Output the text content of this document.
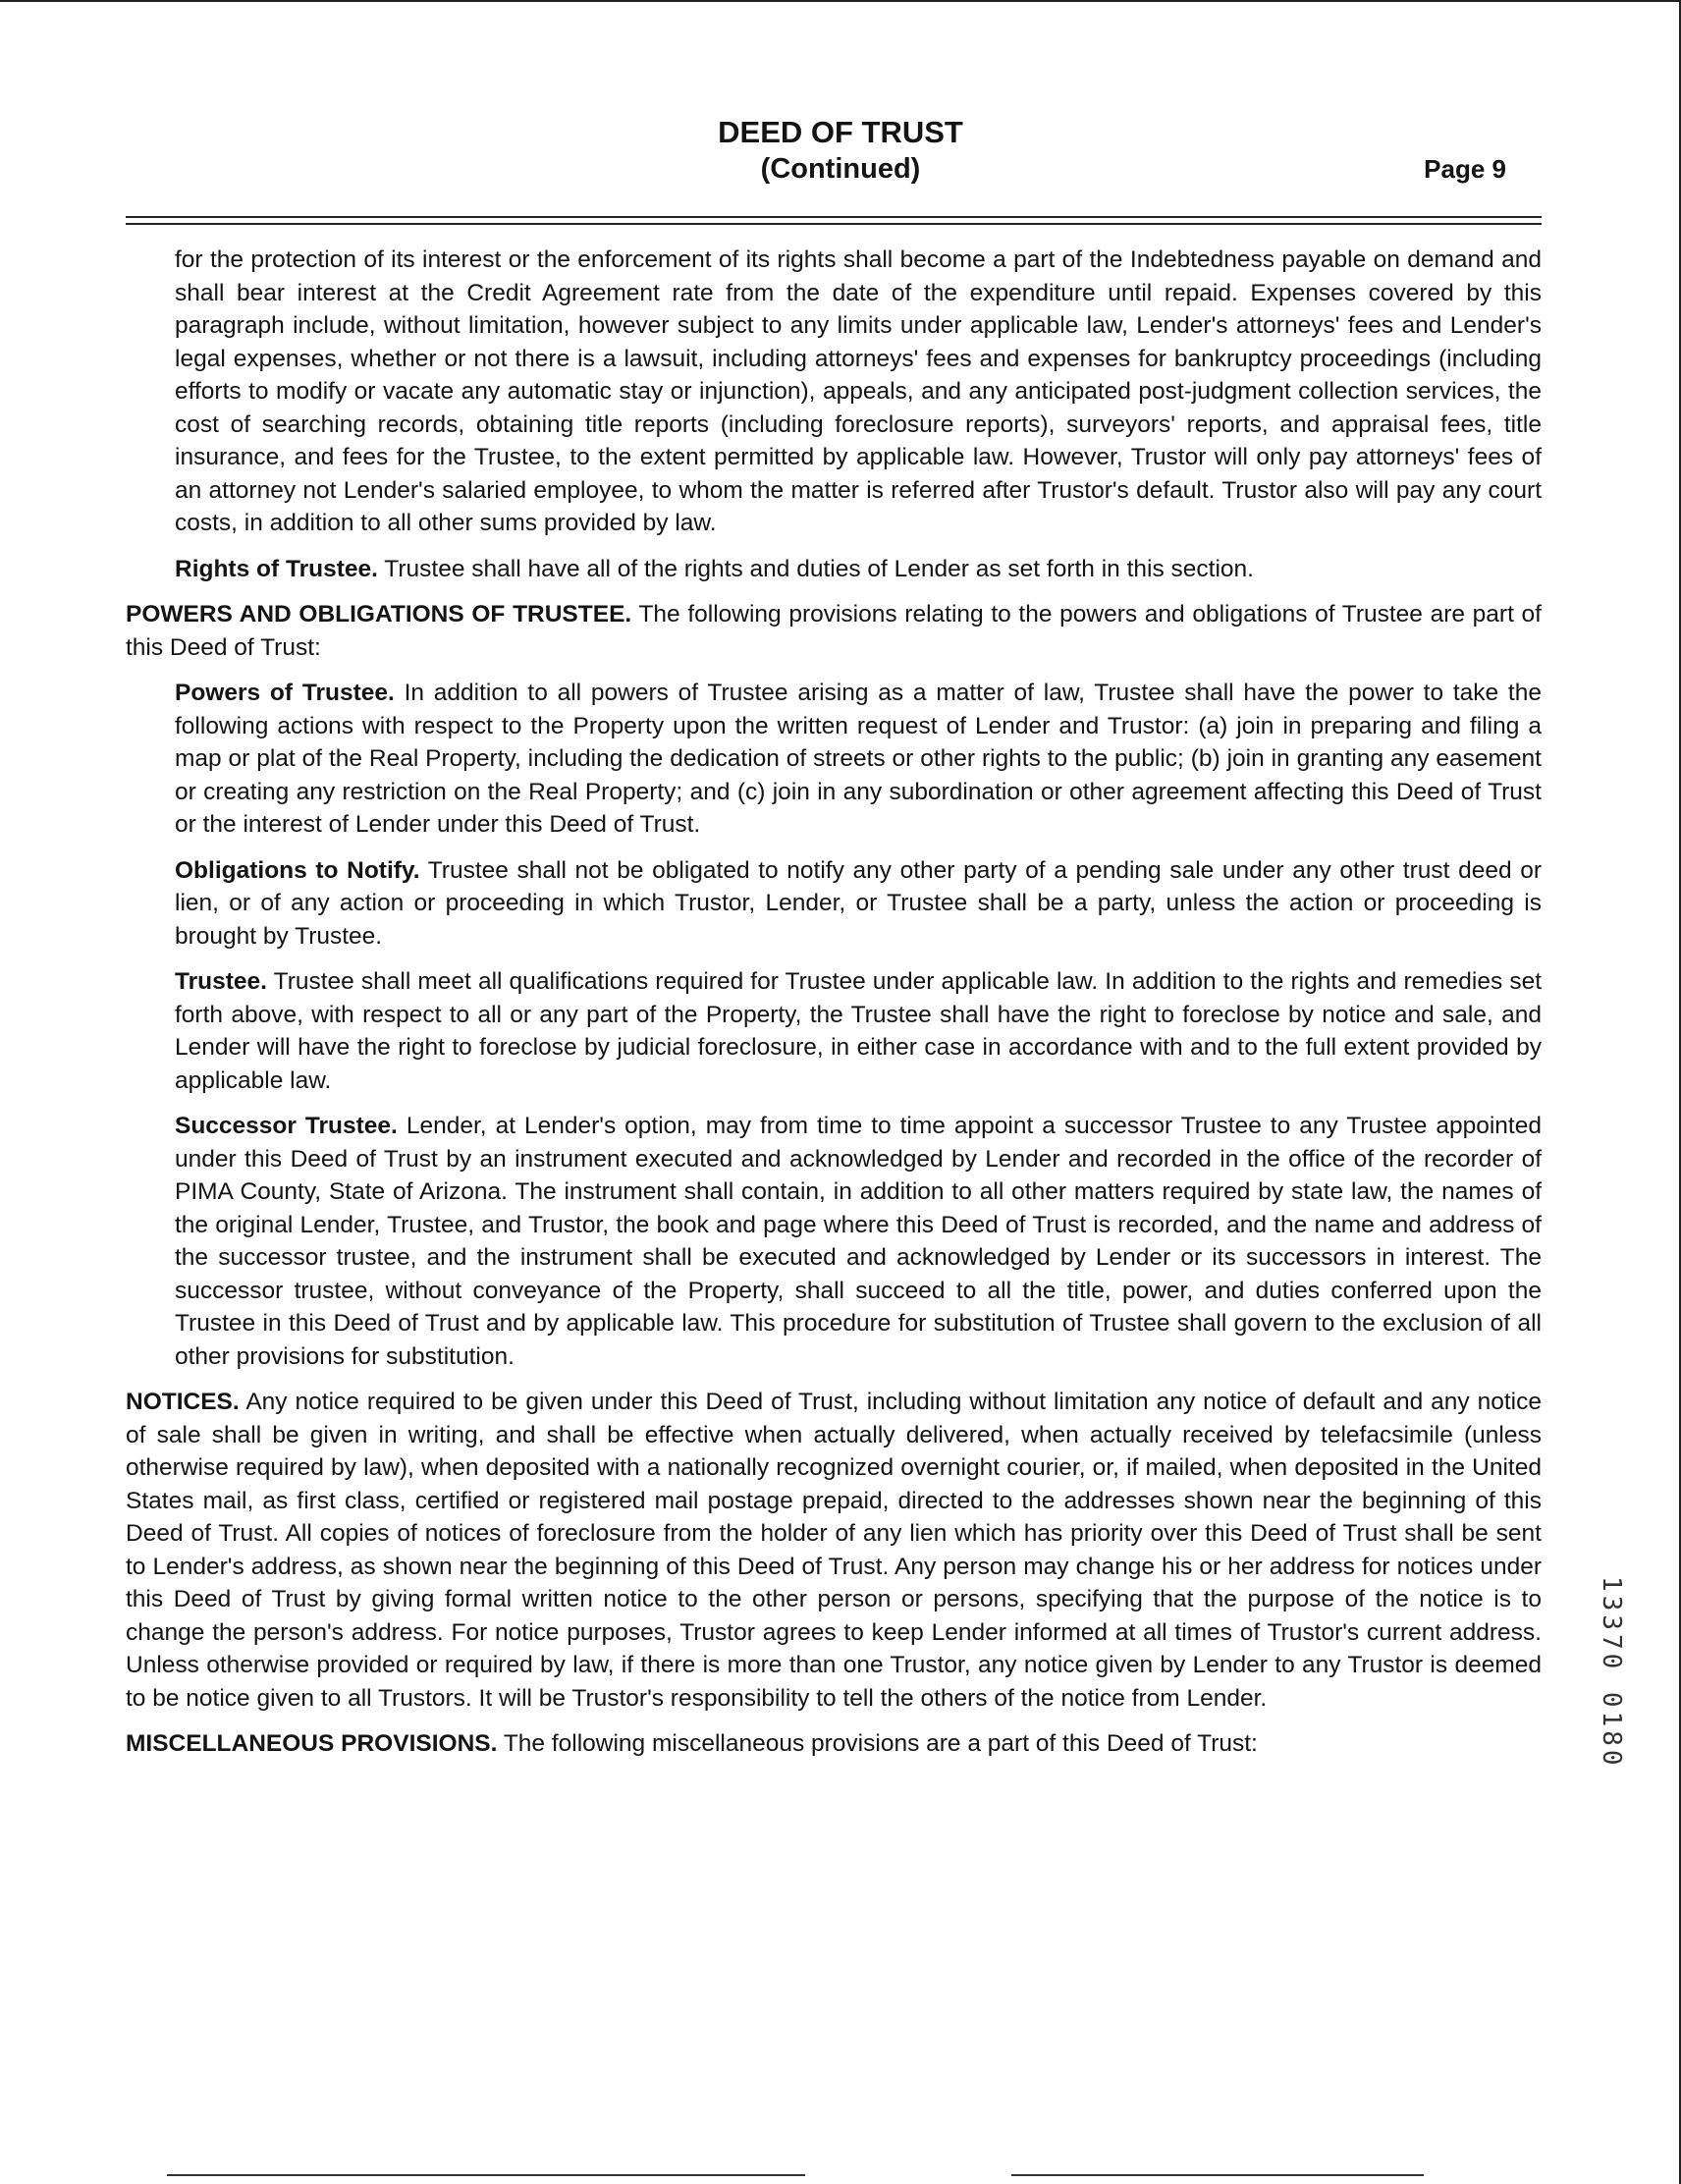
DEED OF TRUST
(Continued)	Page 9

for the protection of its interest or the enforcement of its rights shall become a part of the Indebtedness payable on demand and shall bear interest at the Credit Agreement rate from the date of the expenditure until repaid. Expenses covered by this paragraph include, without limitation, however subject to any limits under applicable law, Lender's attorneys' fees and Lender's legal expenses, whether or not there is a lawsuit, including attorneys' fees and expenses for bankruptcy proceedings (including efforts to modify or vacate any automatic stay or injunction), appeals, and any anticipated post-judgment collection services, the cost of searching records, obtaining title reports (including foreclosure reports), surveyors' reports, and appraisal fees, title insurance, and fees for the Trustee, to the extent permitted by applicable law. However, Trustor will only pay attorneys' fees of an attorney not Lender's salaried employee, to whom the matter is referred after Trustor's default. Trustor also will pay any court costs, in addition to all other sums provided by law.

Rights of Trustee. Trustee shall have all of the rights and duties of Lender as set forth in this section.

POWERS AND OBLIGATIONS OF TRUSTEE. The following provisions relating to the powers and obligations of Trustee are part of this Deed of Trust:

Powers of Trustee. In addition to all powers of Trustee arising as a matter of law, Trustee shall have the power to take the following actions with respect to the Property upon the written request of Lender and Trustor: (a) join in preparing and filing a map or plat of the Real Property, including the dedication of streets or other rights to the public; (b) join in granting any easement or creating any restriction on the Real Property; and (c) join in any subordination or other agreement affecting this Deed of Trust or the interest of Lender under this Deed of Trust.

Obligations to Notify. Trustee shall not be obligated to notify any other party of a pending sale under any other trust deed or lien, or of any action or proceeding in which Trustor, Lender, or Trustee shall be a party, unless the action or proceeding is brought by Trustee.

Trustee. Trustee shall meet all qualifications required for Trustee under applicable law. In addition to the rights and remedies set forth above, with respect to all or any part of the Property, the Trustee shall have the right to foreclose by notice and sale, and Lender will have the right to foreclose by judicial foreclosure, in either case in accordance with and to the full extent provided by applicable law.

Successor Trustee. Lender, at Lender's option, may from time to time appoint a successor Trustee to any Trustee appointed under this Deed of Trust by an instrument executed and acknowledged by Lender and recorded in the office of the recorder of PIMA County, State of Arizona. The instrument shall contain, in addition to all other matters required by state law, the names of the original Lender, Trustee, and Trustor, the book and page where this Deed of Trust is recorded, and the name and address of the successor trustee, and the instrument shall be executed and acknowledged by Lender or its successors in interest. The successor trustee, without conveyance of the Property, shall succeed to all the title, power, and duties conferred upon the Trustee in this Deed of Trust and by applicable law. This procedure for substitution of Trustee shall govern to the exclusion of all other provisions for substitution.

NOTICES. Any notice required to be given under this Deed of Trust, including without limitation any notice of default and any notice of sale shall be given in writing, and shall be effective when actually delivered, when actually received by telefacsimile (unless otherwise required by law), when deposited with a nationally recognized overnight courier, or, if mailed, when deposited in the United States mail, as first class, certified or registered mail postage prepaid, directed to the addresses shown near the beginning of this Deed of Trust. All copies of notices of foreclosure from the holder of any lien which has priority over this Deed of Trust shall be sent to Lender's address, as shown near the beginning of this Deed of Trust. Any person may change his or her address for notices under this Deed of Trust by giving formal written notice to the other person or persons, specifying that the purpose of the notice is to change the person's address. For notice purposes, Trustor agrees to keep Lender informed at all times of Trustor's current address. Unless otherwise provided or required by law, if there is more than one Trustor, any notice given by Lender to any Trustor is deemed to be notice given to all Trustors. It will be Trustor's responsibility to tell the others of the notice from Lender.

MISCELLANEOUS PROVISIONS. The following miscellaneous provisions are a part of this Deed of Trust:	13370 0180
